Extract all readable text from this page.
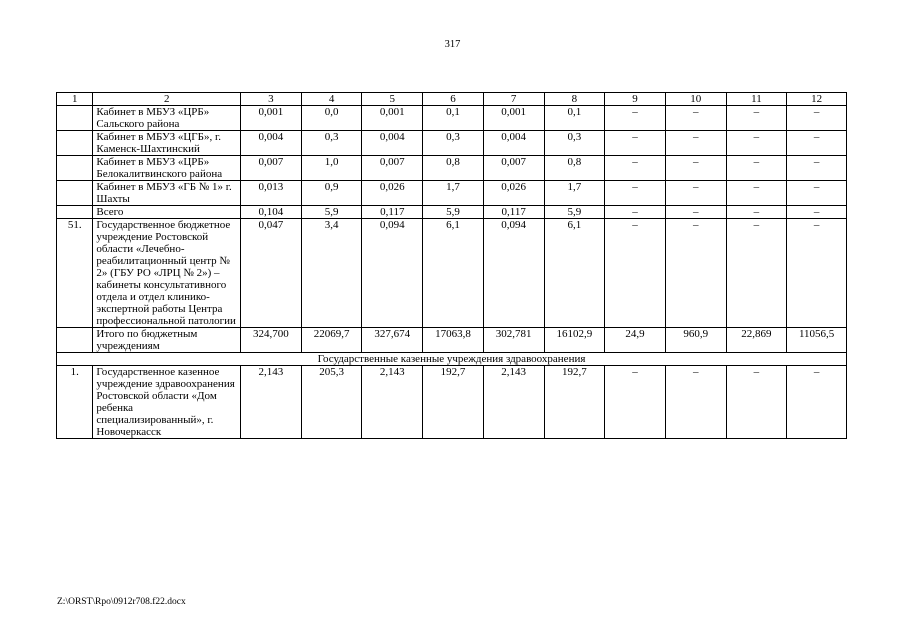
317
1	2	3	4	5	6	7	8	9	10	11	12
	Кабинет в МБУЗ «ЦРБ» Сальского района	0,001	0,0	0,001	0,1	0,001	0,1	–	–	–	–
	Кабинет в МБУЗ «ЦГБ», г. Каменск-Шахтинский	0,004	0,3	0,004	0,3	0,004	0,3	–	–	–	–
	Кабинет в МБУЗ «ЦРБ» Белокалитвинского района	0,007	1,0	0,007	0,8	0,007	0,8	–	–	–	–
	Кабинет в МБУЗ «ГБ № 1» г. Шахты	0,013	0,9	0,026	1,7	0,026	1,7	–	–	–	–
	Всего	0,104	5,9	0,117	5,9	0,117	5,9	–	–	–	–
51.	Государственное бюджетное учреждение Ростовской области «Лечебно-реабилитационный центр № 2» (ГБУ РО «ЛРЦ № 2») – кабинеты консультативного отдела и отдел клинико-экспертной работы Центра профессиональной патологии	0,047	3,4	0,094	6,1	0,094	6,1	–	–	–	–
	Итого по бюджетным учреждениям	324,700	22069,7	327,674	17063,8	302,781	16102,9	24,9	960,9	22,869	11056,5
Государственные казенные учреждения здравоохранения											
1.	Государственное казенное учреждение здравоохранения Ростовской области «Дом ребенка специализированный», г. Новочеркасск	2,143	205,3	2,143	192,7	2,143	192,7	–	–	–	–
Z:\ORST\Rpo\0912r708.f22.docx
